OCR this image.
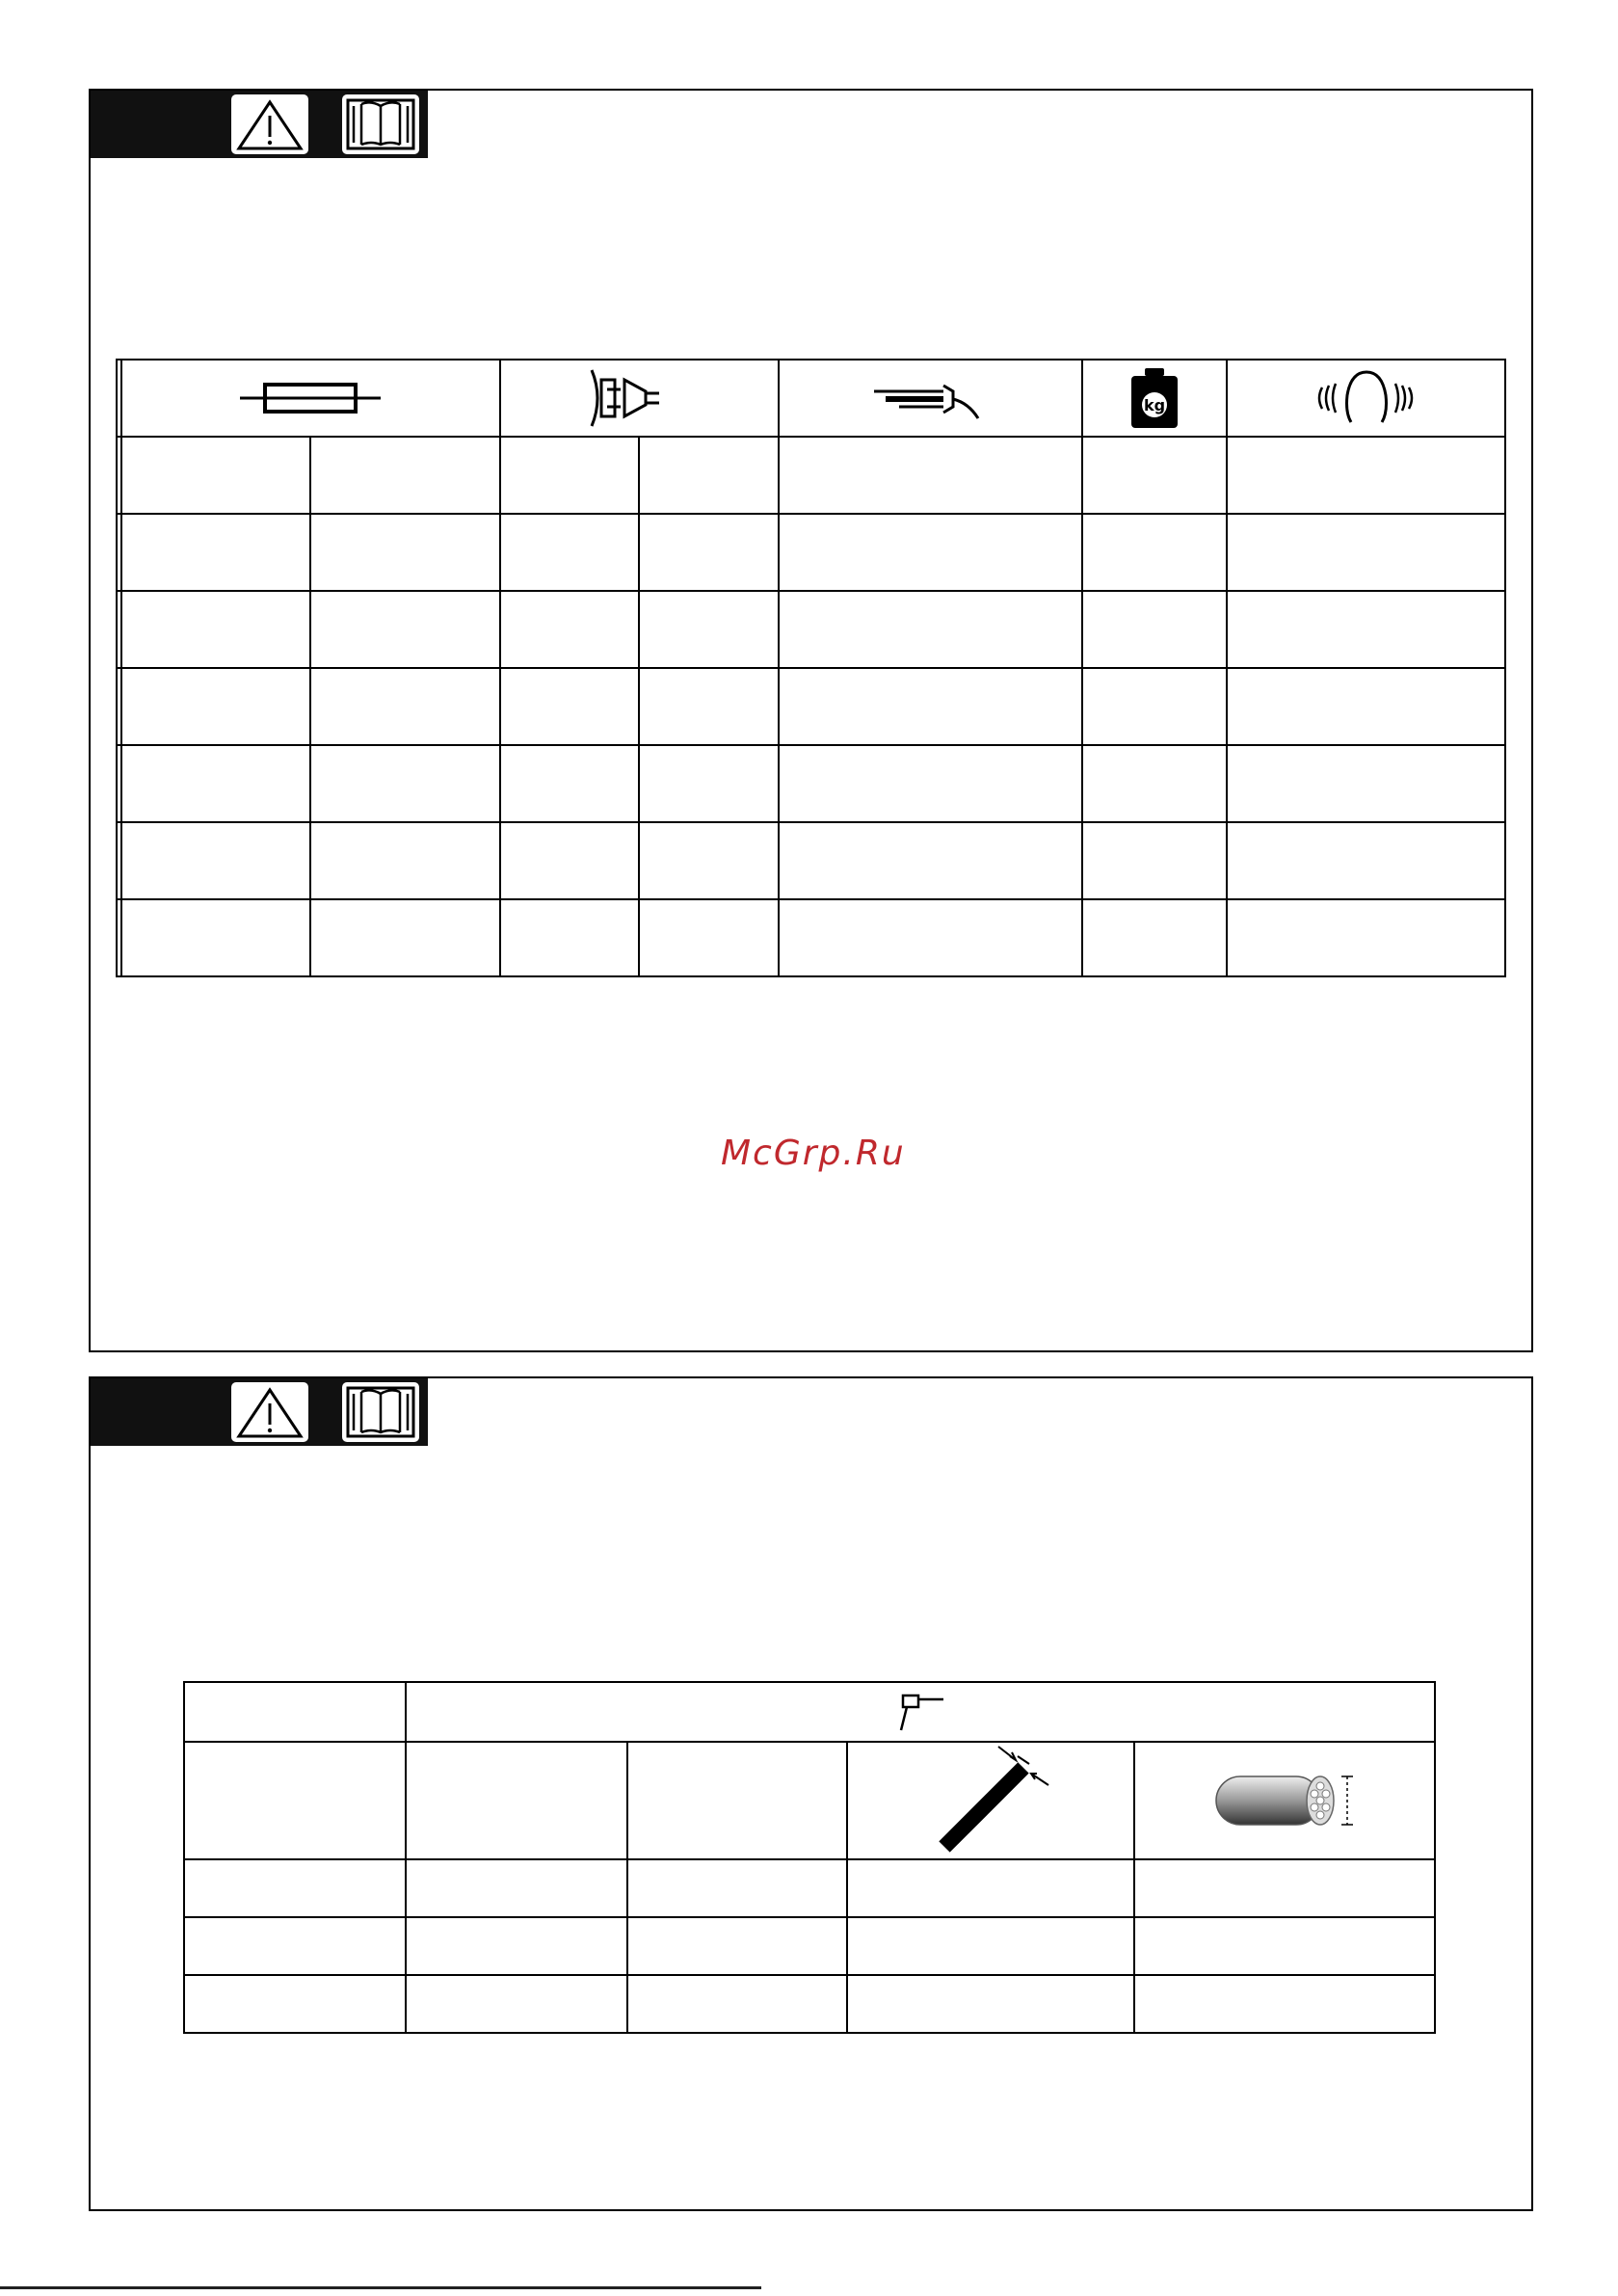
kg

McGrp.Ru
